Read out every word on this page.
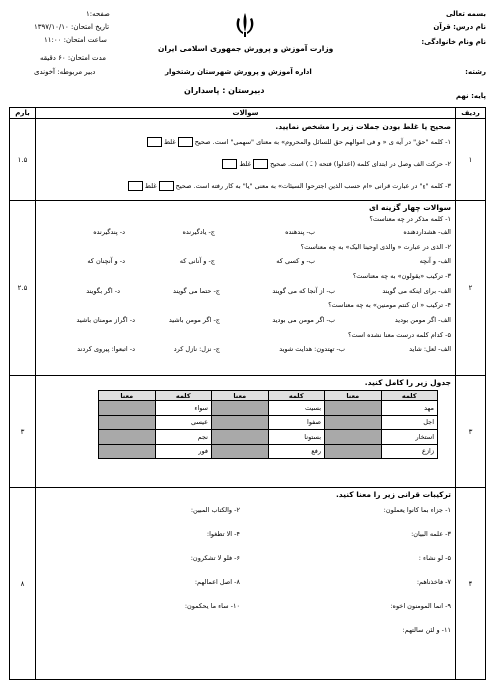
بسمه تعالی
نام درس: قرآن
نام ونام خانوادگی:
رشته:
پایه: نهم
وزارت آموزش و پرورش جمهوری اسلامی ایران
اداره آموزش و پرورش شهرستان رشتخوار
دبیرستان : پاسداران
صفحه:۱
تاریخ امتحان: ۱۳۹۷/۱۰/۱۰
ساعت امتحان: ۱۱:۰۰
مدت امتحان: ۶۰ دقیقه
دبیر مربوطه: آخوندی
ردیف	سوالات	بارم
۱	
صحیح یا غلط بودن جملات زیر را مشخص نمایید.
۱- کلمه "حق" در آیه ی « و فی اموالهم حق للسائل والمحروم» به معنای "سهمی" است. صحیحغلط
۲- حرکت الف وصل در ابتدای کلمه (اعدلوا) فتحه ( ـَ ) است. صحیحغلط
۳- کلمه "ءِ" در عبارت قرانی «ام حسب الذین اجترحوا السیئات» به معنی "یا" به کار رفته است. صحیحغلط
	۱.۵
۲	
سوالات چهار گزینه ای
۱- کلمه مذکر در چه معناست؟
الف- هشداردهنده
ب- پندهنده
ج- یادگیرنده
د- پندگیرنده
۲- الذی در عبارت « والذی اوحینا الیک» به چه معناست؟
الف- و آنچه
ب- و کسی که
ج- و آنانی که
د- و آنچنان که
۳- ترکیب «یقولون» به چه معناست؟
الف- برای اینکه می گویند
ب- از آنجا که می گویند
ج- حتما می گویند
د- اگر بگویند
۴- ترکیب « ان کنتم مومنین» به چه معناست؟
الف- اگر مومن بودید
ب- اگر مومن می بودید
ج- اگر مومن باشید
د- اگراز مومنان باشید
۵- کدام کلمه درست معنا نشده است؟
الف- لعل: شاید
ب- تهتدون: هدایت شوید
ج- نزل: نازل کرد
د- اتبعوا: پیروی کردند
	۲.۵
۳	
جدول زیر را کامل کنید.
کلمه	معنا	کلمه	معنا	کلمه	معنا
مهد		بسیت		سواء	
اجل		صفوا		عیسی	
استخار		بستونا		نجم	
زازع		رفع		فور	
	۳
۴	
ترکیبات قرانی زیر را معنا کنید.
۱- جزاء بما کانوا یعملون:
۲- والکتاب المبین:
۳- علمه البیان:
۴- الا تطغوا:
۵- لو نشاء :
۶- فلو لا تشکرون:
۷- فاخذناهم:
۸- اصل اعمالهم:
۹- انما المومنون اخوه:
۱۰- ساء ما یحکمون:
۱۱- و لئن سالتهم:
	۸
